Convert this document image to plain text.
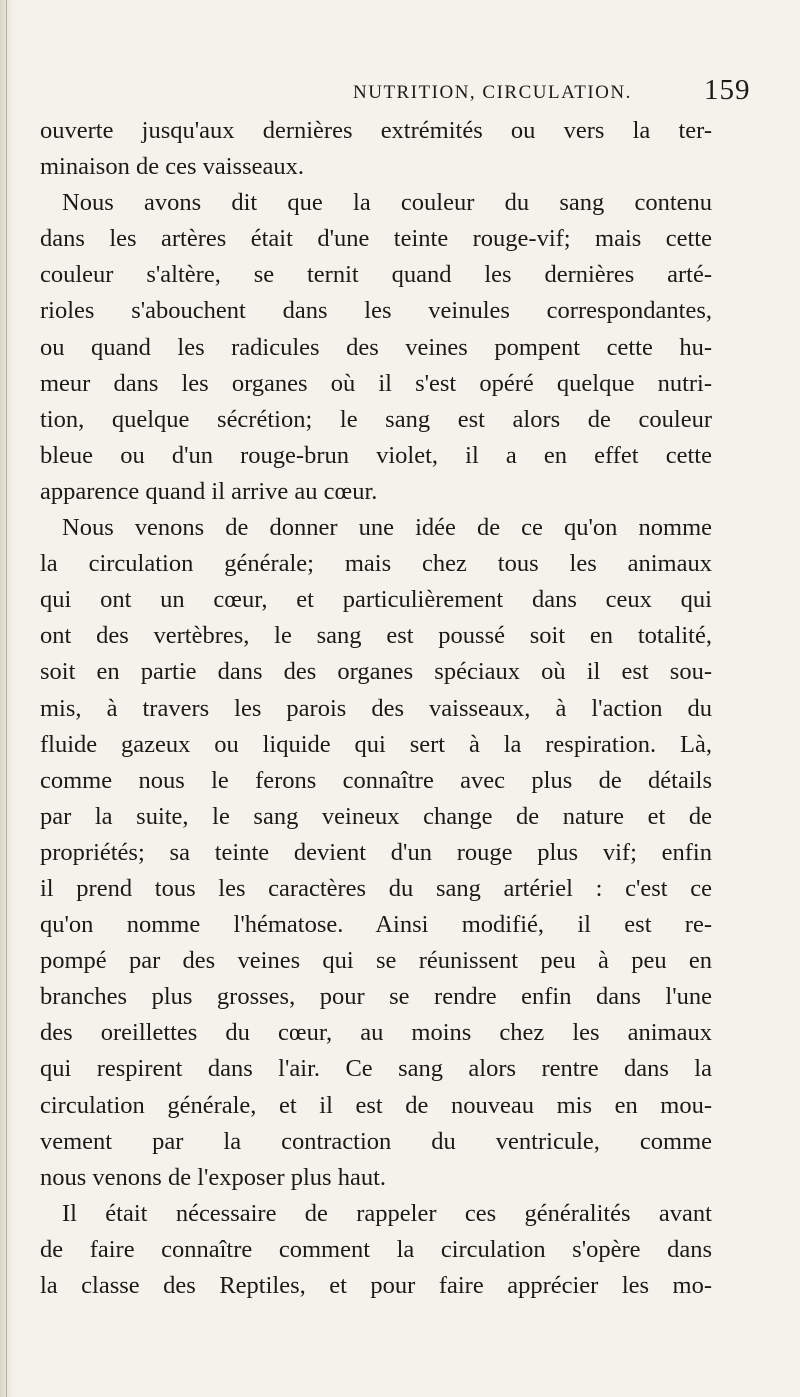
NUTRITION, CIRCULATION. 159
ouverte jusqu'aux dernières extrémités ou vers la ter-
minaison de ces vaisseaux.
Nous avons dit que la couleur du sang contenu
dans les artères était d'une teinte rouge-vif; mais cette
couleur s'altère, se ternit quand les dernières arté-
rioles s'abouchent dans les veinules correspondantes,
ou quand les radicules des veines pompent cette hu-
meur dans les organes où il s'est opéré quelque nutri-
tion, quelque sécrétion; le sang est alors de couleur
bleue ou d'un rouge-brun violet, il a en effet cette
apparence quand il arrive au cœur.
Nous venons de donner une idée de ce qu'on nomme
la circulation générale; mais chez tous les animaux
qui ont un cœur, et particulièrement dans ceux qui
ont des vertèbres, le sang est poussé soit en totalité,
soit en partie dans des organes spéciaux où il est sou-
mis, à travers les parois des vaisseaux, à l'action du
fluide gazeux ou liquide qui sert à la respiration. Là,
comme nous le ferons connaître avec plus de détails
par la suite, le sang veineux change de nature et de
propriétés; sa teinte devient d'un rouge plus vif; enfin
il prend tous les caractères du sang artériel : c'est ce
qu'on nomme l'hématose. Ainsi modifié, il est re-
pompé par des veines qui se réunissent peu à peu en
branches plus grosses, pour se rendre enfin dans l'une
des oreillettes du cœur, au moins chez les animaux
qui respirent dans l'air. Ce sang alors rentre dans la
circulation générale, et il est de nouveau mis en mou-
vement par la contraction du ventricule, comme
nous venons de l'exposer plus haut.
Il était nécessaire de rappeler ces généralités avant
de faire connaître comment la circulation s'opère dans
la classe des Reptiles, et pour faire apprécier les mo-
